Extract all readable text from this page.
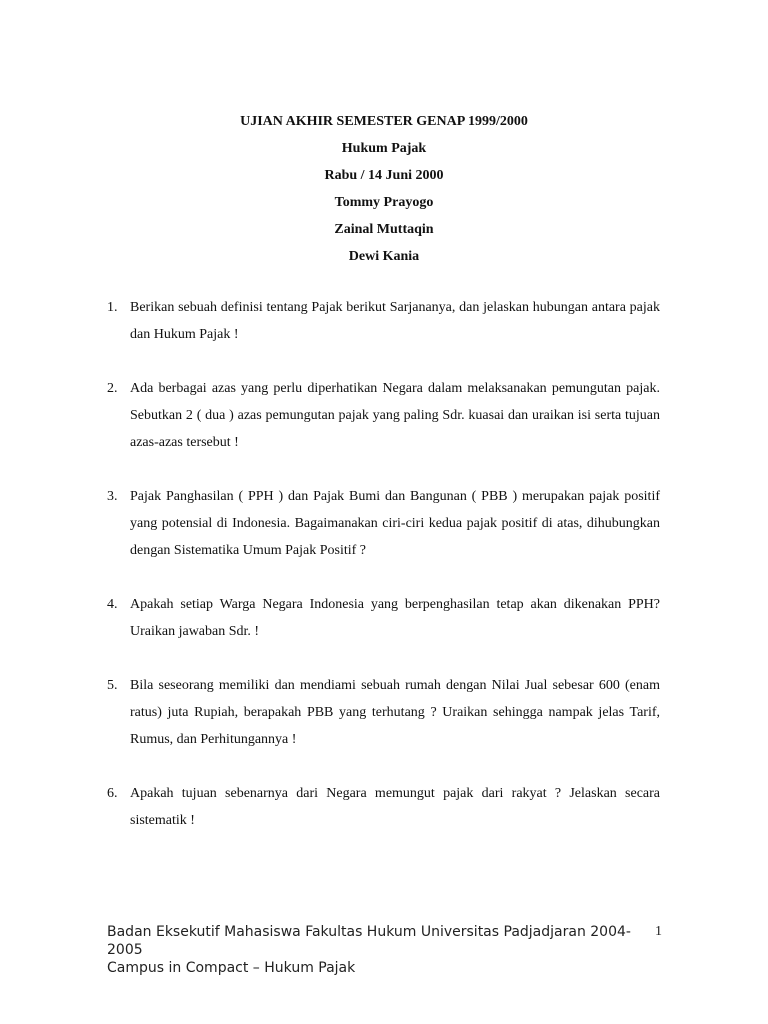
UJIAN AKHIR SEMESTER GENAP 1999/2000
Hukum Pajak
Rabu / 14 Juni 2000
Tommy Prayogo
Zainal Muttaqin
Dewi Kania
1. Berikan sebuah definisi tentang Pajak berikut Sarjananya, dan jelaskan hubungan antara pajak dan Hukum Pajak !
2. Ada berbagai azas yang perlu diperhatikan Negara dalam melaksanakan pemungutan pajak. Sebutkan 2 ( dua ) azas pemungutan pajak yang paling Sdr. kuasai dan uraikan isi serta tujuan azas-azas tersebut !
3. Pajak Panghasilan ( PPH ) dan Pajak Bumi dan Bangunan ( PBB ) merupakan pajak positif yang potensial di Indonesia. Bagaimanakan ciri-ciri kedua pajak positif di atas, dihubungkan dengan Sistematika Umum Pajak Positif ?
4. Apakah setiap Warga Negara Indonesia yang berpenghasilan tetap akan dikenakan PPH? Uraikan jawaban Sdr. !
5. Bila seseorang memiliki dan mendiami sebuah rumah dengan Nilai Jual sebesar 600 (enam ratus) juta Rupiah, berapakah PBB yang terhutang ? Uraikan sehingga nampak jelas Tarif, Rumus, dan Perhitungannya !
6. Apakah tujuan sebenarnya dari Negara memungut pajak dari rakyat ? Jelaskan secara sistematik !
Badan Eksekutif Mahasiswa Fakultas Hukum Universitas Padjadjaran 2004-2005
1
Campus in Compact – Hukum Pajak
